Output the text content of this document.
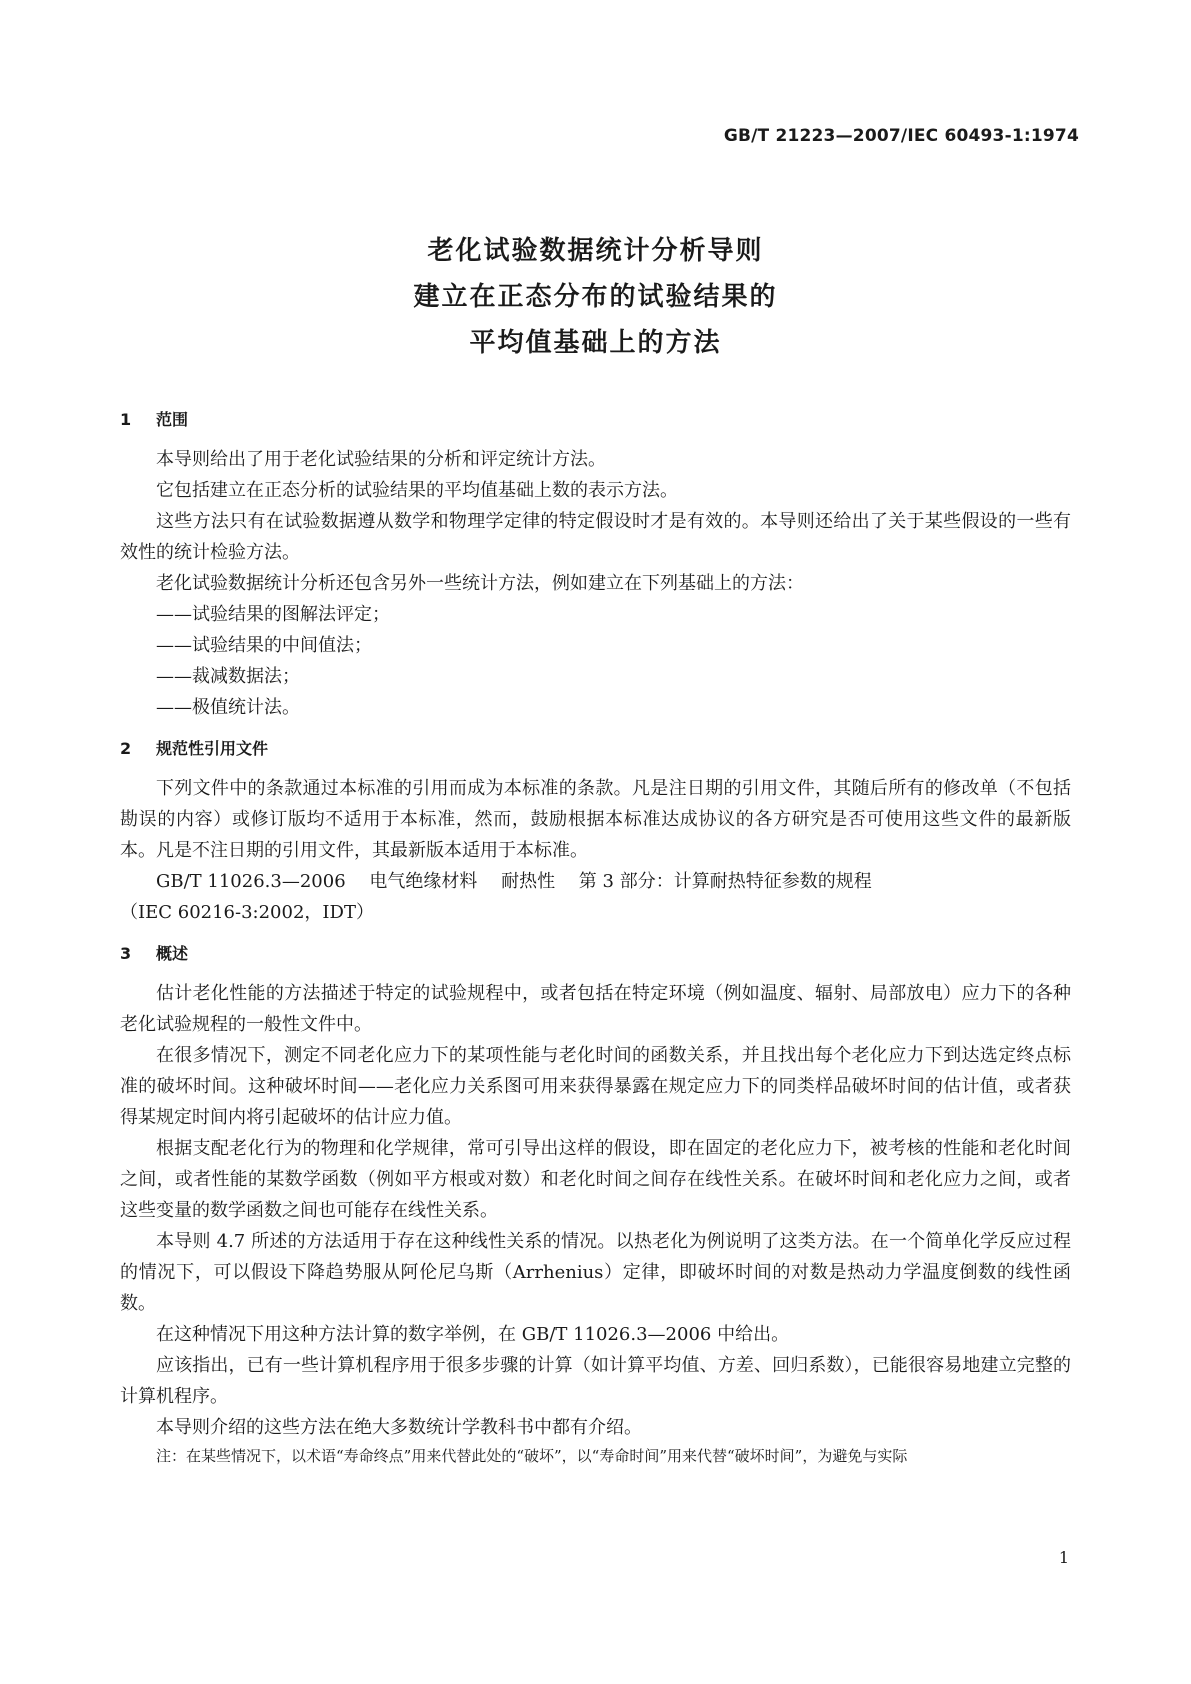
GB/T 21223—2007/IEC 60493-1:1974
老化试验数据统计分析导则
建立在正态分布的试验结果的
平均值基础上的方法
1 范围

本导则给出了用于老化试验结果的分析和评定统计方法。

它包括建立在正态分析的试验结果的平均值基础上数的表示方法。

这些方法只有在试验数据遵从数学和物理学定律的特定假设时才是有效的。本导则还给出了关于某些假设的一些有效性的统计检验方法。

老化试验数据统计分析还包含另外一些统计方法，例如建立在下列基础上的方法：

——试验结果的图解法评定；

——试验结果的中间值法；

——裁减数据法；

——极值统计法。

2 规范性引用文件

下列文件中的条款通过本标准的引用而成为本标准的条款。凡是注日期的引用文件，其随后所有的修改单（不包括勘误的内容）或修订版均不适用于本标准，然而，鼓励根据本标准达成协议的各方研究是否可使用这些文件的最新版本。凡是不注日期的引用文件，其最新版本适用于本标准。

GB/T 11026.3—2006　 电气绝缘材料　 耐热性　 第 3 部分：计算耐热特征参数的规程

（IEC 60216-3:2002，IDT）

3 概述

估计老化性能的方法描述于特定的试验规程中，或者包括在特定环境（例如温度、辐射、局部放电）应力下的各种老化试验规程的一般性文件中。

在很多情况下，测定不同老化应力下的某项性能与老化时间的函数关系，并且找出每个老化应力下到达选定终点标准的破坏时间。这种破坏时间——老化应力关系图可用来获得暴露在规定应力下的同类样品破坏时间的估计值，或者获得某规定时间内将引起破坏的估计应力值。

根据支配老化行为的物理和化学规律，常可引导出这样的假设，即在固定的老化应力下，被考核的性能和老化时间之间，或者性能的某数学函数（例如平方根或对数）和老化时间之间存在线性关系。在破坏时间和老化应力之间，或者这些变量的数学函数之间也可能存在线性关系。

本导则 4.7 所述的方法适用于存在这种线性关系的情况。以热老化为例说明了这类方法。在一个简单化学反应过程的情况下，可以假设下降趋势服从阿伦尼乌斯（Arrhenius）定律，即破坏时间的对数是热动力学温度倒数的线性函数。

在这种情况下用这种方法计算的数字举例，在 GB/T 11026.3—2006 中给出。

应该指出，已有一些计算机程序用于很多步骤的计算（如计算平均值、方差、回归系数），已能很容易地建立完整的计算机程序。

本导则介绍的这些方法在绝大多数统计学教科书中都有介绍。

注：在某些情况下，以术语“寿命终点”用来代替此处的“破坏”，以“寿命时间”用来代替“破坏时间”，为避免与实际

1
